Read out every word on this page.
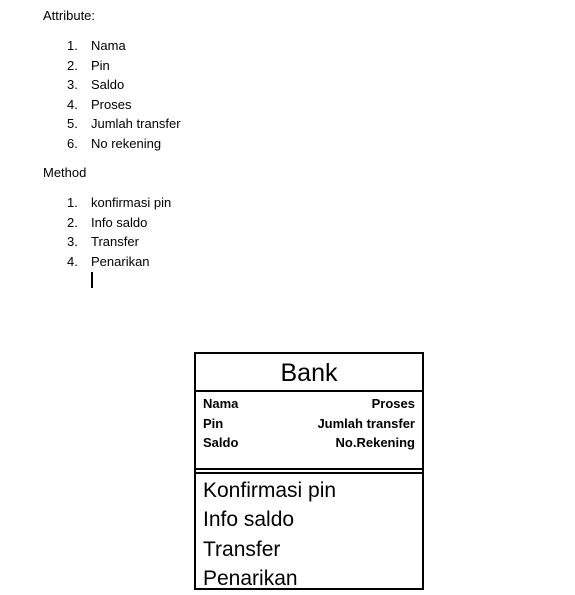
Attribute:
1. Nama
2. Pin
3. Saldo
4. Proses
5. Jumlah transfer
6. No rekening
Method
1. konfirmasi pin
2. Info saldo
3. Transfer
4. Penarikan
Bank
Nama
Pin
Saldo
Proses
Jumlah transfer
No.Rekening
Konfirmasi pin
Info saldo
Transfer
Penarikan
